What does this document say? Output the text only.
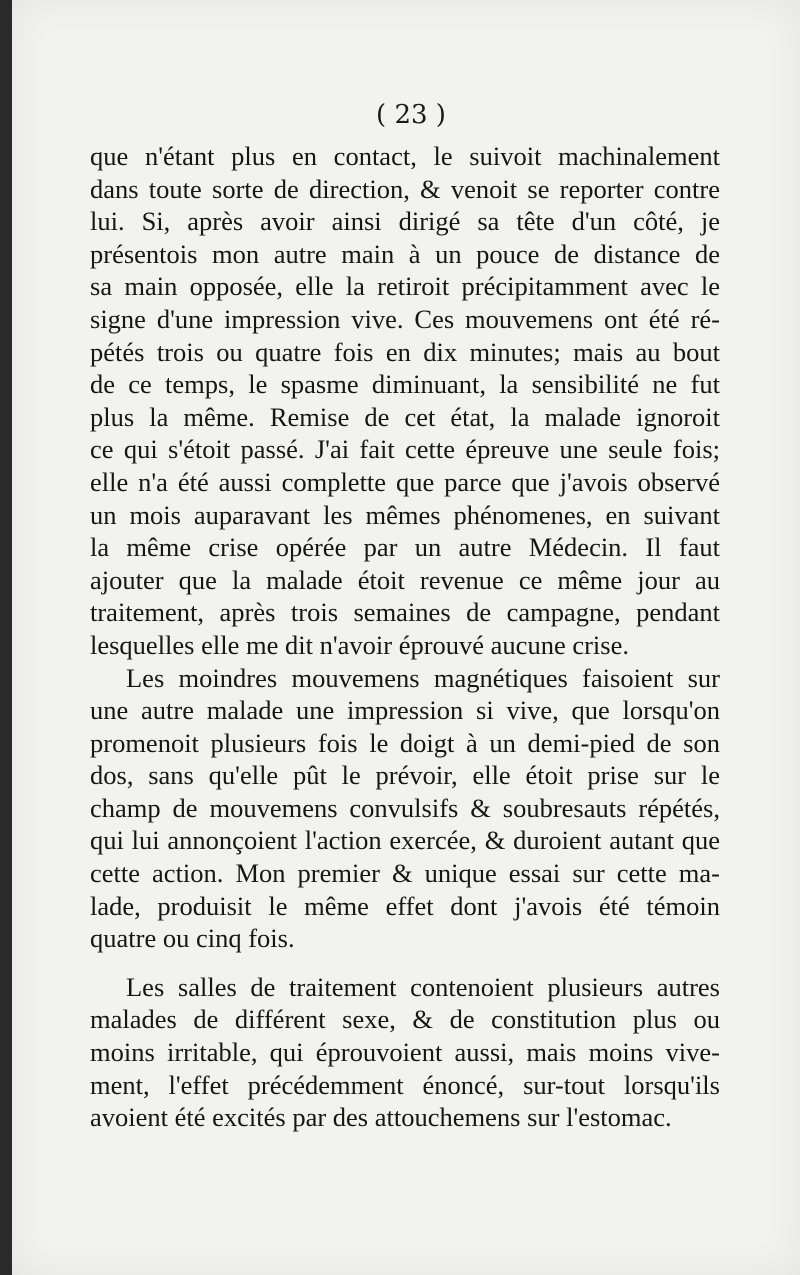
( 23 )
que n'étant plus en contact, le suivoit machinalement
dans toute sorte de direction, & venoit se reporter contre
lui. Si, après avoir ainsi dirigé sa tête d'un côté, je
présentois mon autre main à un pouce de distance de
sa main opposée, elle la retiroit précipitamment avec le
signe d'une impression vive. Ces mouvemens ont été ré-
pétés trois ou quatre fois en dix minutes; mais au bout
de ce temps, le spasme diminuant, la sensibilité ne fut
plus la même. Remise de cet état, la malade ignoroit
ce qui s'étoit passé. J'ai fait cette épreuve une seule fois;
elle n'a été aussi complette que parce que j'avois observé
un mois auparavant les mêmes phénomenes, en suivant
la même crise opérée par un autre Médecin. Il faut
ajouter que la malade étoit revenue ce même jour au
traitement, après trois semaines de campagne, pendant
lesquelles elle me dit n'avoir éprouvé aucune crise.
Les moindres mouvemens magnétiques faisoient sur
une autre malade une impression si vive, que lorsqu'on
promenoit plusieurs fois le doigt à un demi-pied de son
dos, sans qu'elle pût le prévoir, elle étoit prise sur le
champ de mouvemens convulsifs & soubresauts répétés,
qui lui annonçoient l'action exercée, & duroient autant que
cette action. Mon premier & unique essai sur cette ma-
lade, produisit le même effet dont j'avois été témoin
quatre ou cinq fois.
Les salles de traitement contenoient plusieurs autres
malades de différent sexe, & de constitution plus ou
moins irritable, qui éprouvoient aussi, mais moins vive-
ment, l'effet précédemment énoncé, sur-tout lorsqu'ils
avoient été excités par des attouchemens sur l'estomac.
